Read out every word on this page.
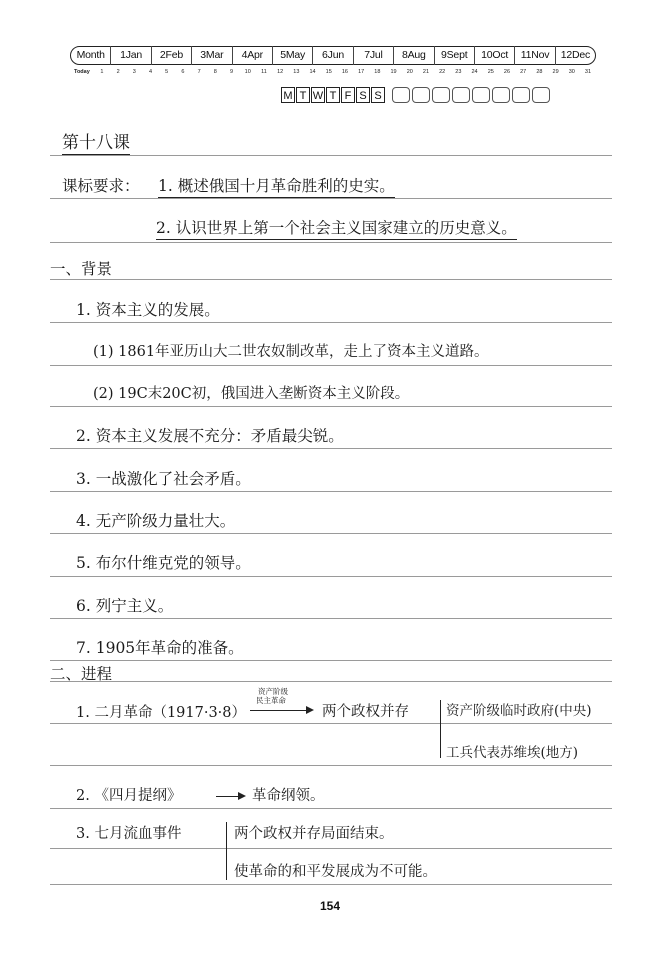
Month	1Jan	2Feb	3Mar	4Apr	5May	6Jun	7Jul	8Aug	9Sept	10Oct	11Nov	12Dec
Today	1	2	3	4	5	6	7	8	9	10	11	12	13	14	15	16	17	18	19	20	21	22	23	24	25	26	27	28	29	30	31
M T W T F S S
第十八课
课标要求： 1. 概述俄国十月革命胜利的史实。
2. 认识世界上第一个社会主义国家建立的历史意义。
一、背景
1. 资本主义的发展。
(1) 1861年亚历山大二世农奴制改革，走上了资本主义道路。
(2) 19C末20C初，俄国进入垄断资本主义阶段。
2. 资本主义发展不充分：矛盾最尖锐。
3. 一战激化了社会矛盾。
4. 无产阶级力量壮大。
5. 布尔什维克党的领导。
6. 列宁主义。
7. 1905年革命的准备。
二、进程
1. 二月革命（1917·3·8）
资产阶级
民主革命
两个政权并存	资产阶级临时政府(中央)
工兵代表苏维埃(地方)
2. 《四月提纲》	革命纲领。
3. 七月流血事件	两个政权并存局面结束。
使革命的和平发展成为不可能。
154
